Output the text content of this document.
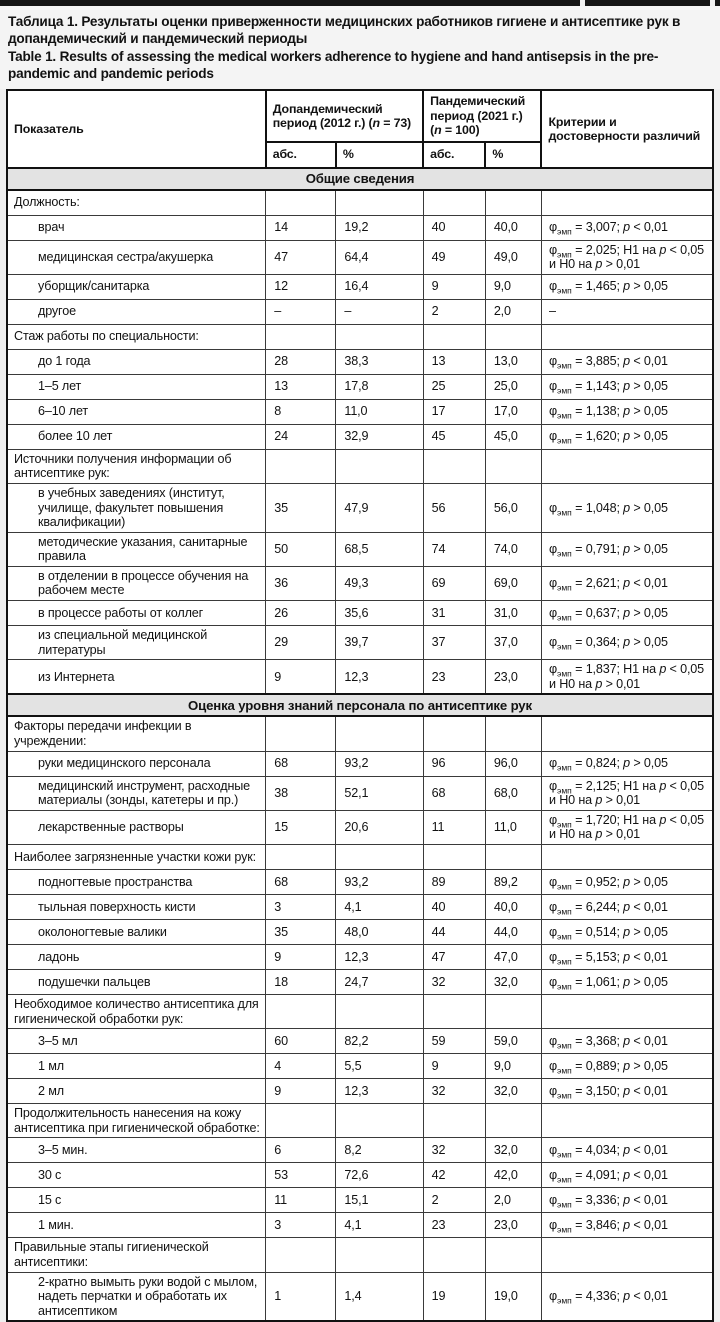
Таблица 1. Результаты оценки приверженности медицинских работников гигиене и антисептике рук в допандемический и пандемический периоды
Table 1. Results of assessing the medical workers adherence to hygiene and hand antisepsis in the pre-pandemic and pandemic periods
Показатель	Допандемический период (2012 г.) (n = 73)		Пандемический период (2021 г.) (n = 100)		Критерии и достоверности различий
	абс.	%	абс.	%	
Общие сведения					
Должность:					
врач	14	19,2	40	40,0	$\varphi_{эмп} = 3,007$; p < 0,01
медицинская сестра/акушерка	47	64,4	49	49,0	$\varphi_{эмп} = 2,025$; Н1 на p < 0,05 и Н0 на p > 0,01
уборщик/санитарка	12	16,4	9	9,0	$\varphi_{эмп} = 1,465$; p > 0,05
другое	–	–	2	2,0	–
Стаж работы по специальности:					
до 1 года	28	38,3	13	13,0	$\varphi_{эмп} = 3,885$; p < 0,01
1–5 лет	13	17,8	25	25,0	$\varphi_{эмп} = 1,143$; p > 0,05
6–10 лет	8	11,0	17	17,0	$\varphi_{эмп} = 1,138$; p > 0,05
более 10 лет	24	32,9	45	45,0	$\varphi_{эмп} = 1,620$; p > 0,05
Источники получения информации об антисептике рук:					
в учебных заведениях (институт, училище, факультет повышения квалификации)	35	47,9	56	56,0	$\varphi_{эмп} = 1,048$; p > 0,05
методические указания, санитарные правила	50	68,5	74	74,0	$\varphi_{эмп} = 0,791$; p > 0,05
в отделении в процессе обучения на рабочем месте	36	49,3	69	69,0	$\varphi_{эмп} = 2,621$; p < 0,01
в процессе работы от коллег	26	35,6	31	31,0	$\varphi_{эмп} = 0,637$; p > 0,05
из специальной медицинской литературы	29	39,7	37	37,0	$\varphi_{эмп} = 0,364$; p > 0,05
из Интернета	9	12,3	23	23,0	$\varphi_{эмп} = 1,837$; Н1 на p < 0,05 и Н0 на p > 0,01
Оценка уровня знаний персонала по антисептике рук					
Факторы передачи инфекции в учреждении:					
руки медицинского персонала	68	93,2	96	96,0	$\varphi_{эмп} = 0,824$; p > 0,05
медицинский инструмент, расходные материалы (зонды, катетеры и пр.)	38	52,1	68	68,0	$\varphi_{эмп} = 2,125$; Н1 на p < 0,05 и Н0 на p > 0,01
лекарственные растворы	15	20,6	11	11,0	$\varphi_{эмп} = 1,720$; Н1 на p < 0,05 и Н0 на p > 0,01
Наиболее загрязненные участки кожи рук:					
подногтевые пространства	68	93,2	89	89,2	$\varphi_{эмп} = 0,952$; p > 0,05
тыльная поверхность кисти	3	4,1	40	40,0	$\varphi_{эмп} = 6,244$; p < 0,01
околоногтевые валики	35	48,0	44	44,0	$\varphi_{эмп} = 0,514$; p > 0,05
ладонь	9	12,3	47	47,0	$\varphi_{эмп} = 5,153$; p < 0,01
подушечки пальцев	18	24,7	32	32,0	$\varphi_{эмп} = 1,061$; p > 0,05
Необходимое количество антисептика для гигиенической обработки рук:					
3–5 мл	60	82,2	59	59,0	$\varphi_{эмп} = 3,368$; p < 0,01
1 мл	4	5,5	9	9,0	$\varphi_{эмп} = 0,889$; p > 0,05
2 мл	9	12,3	32	32,0	$\varphi_{эмп} = 3,150$; p < 0,01
Продолжительность нанесения на кожу антисептика при гигиенической обработке:					
3–5 мин.	6	8,2	32	32,0	$\varphi_{эмп} = 4,034$; p < 0,01
30 с	53	72,6	42	42,0	$\varphi_{эмп} = 4,091$; p < 0,01
15 с	11	15,1	2	2,0	$\varphi_{эмп} = 3,336$; p < 0,01
1 мин.	3	4,1	23	23,0	$\varphi_{эмп} = 3,846$; p < 0,01
Правильные этапы гигиенической антисептики:					
2-кратно вымыть руки водой с мылом, надеть перчатки и обработать их антисептиком	1	1,4	19	19,0	$\varphi_{эмп} = 4,336$; p < 0,01
